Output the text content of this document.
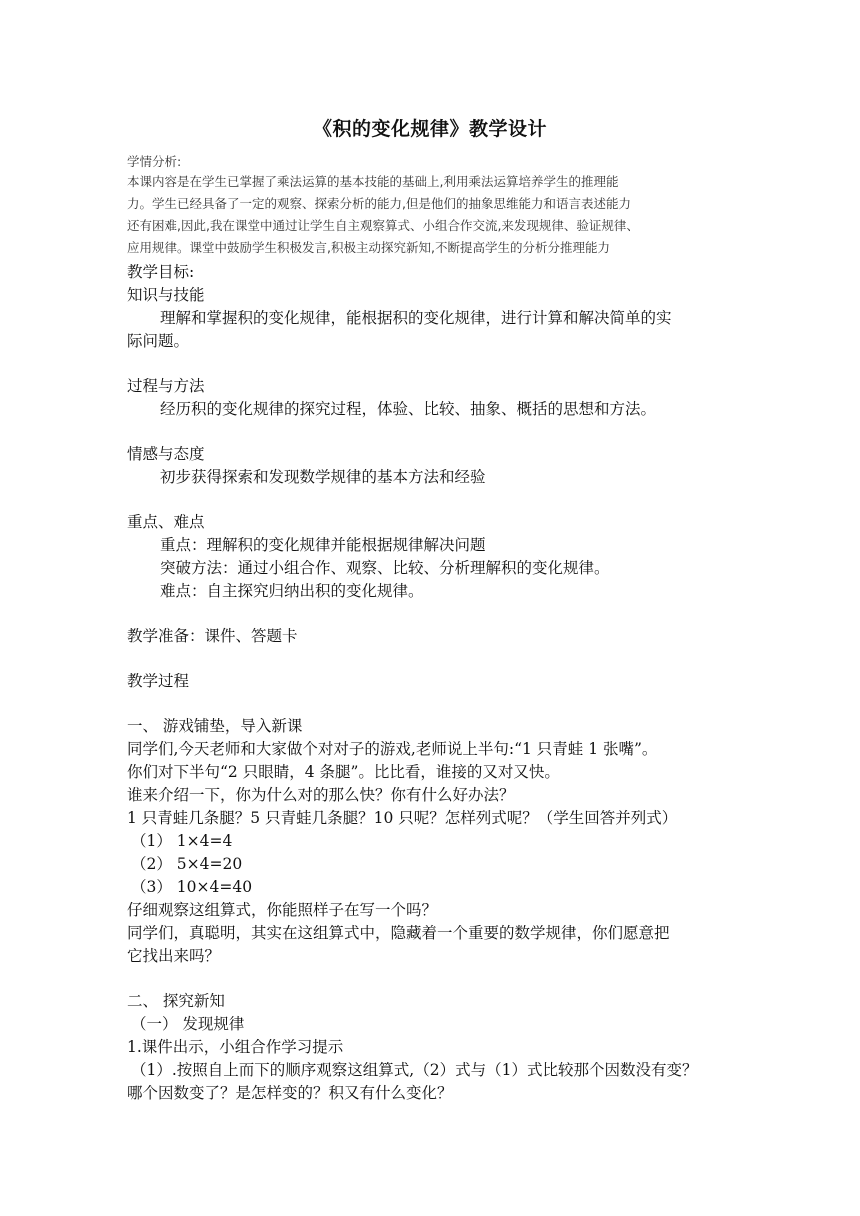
《积的变化规律》教学设计
学情分析:
本课内容是在学生已掌握了乘法运算的基本技能的基础上,利用乘法运算培养学生的推理能
力。学生已经具备了一定的观察、探索分析的能力,但是他们的抽象思维能力和语言表述能力
还有困难,因此,我在课堂中通过让学生自主观察算式、小组合作交流,来发现规律、验证规律、
应用规律。课堂中鼓励学生积极发言,积极主动探究新知,不断提高学生的分析分推理能力
教学目标:
知识与技能
理解和掌握积的变化规律，能根据积的变化规律，进行计算和解决简单的实
际问题。
过程与方法
经历积的变化规律的探究过程，体验、比较、抽象、概括的思想和方法。
情感与态度
初步获得探索和发现数学规律的基本方法和经验
重点、难点
重点：理解积的变化规律并能根据规律解决问题
突破方法：通过小组合作、观察、比较、分析理解积的变化规律。
难点：自主探究归纳出积的变化规律。
教学准备：课件、答题卡
教学过程
一、 游戏铺垫，导入新课
同学们,今天老师和大家做个对对子的游戏,老师说上半句:“1 只青蛙 1 张嘴”。
你们对下半句“2 只眼睛，4 条腿”。比比看，谁接的又对又快。
谁来介绍一下，你为什么对的那么快？你有什么好办法？
1 只青蛙几条腿？5 只青蛙几条腿？10 只呢？怎样列式呢？（学生回答并列式）
（1） 1×4=4
（2） 5×4=20
（3） 10×4=40
仔细观察这组算式，你能照样子在写一个吗？
同学们，真聪明，其实在这组算式中，隐藏着一个重要的数学规律，你们愿意把
它找出来吗？
二、 探究新知
（一） 发现规律
1.课件出示，小组合作学习提示
（1）.按照自上而下的顺序观察这组算式,（2）式与（1）式比较那个因数没有变？
哪个因数变了？是怎样变的？积又有什么变化？
